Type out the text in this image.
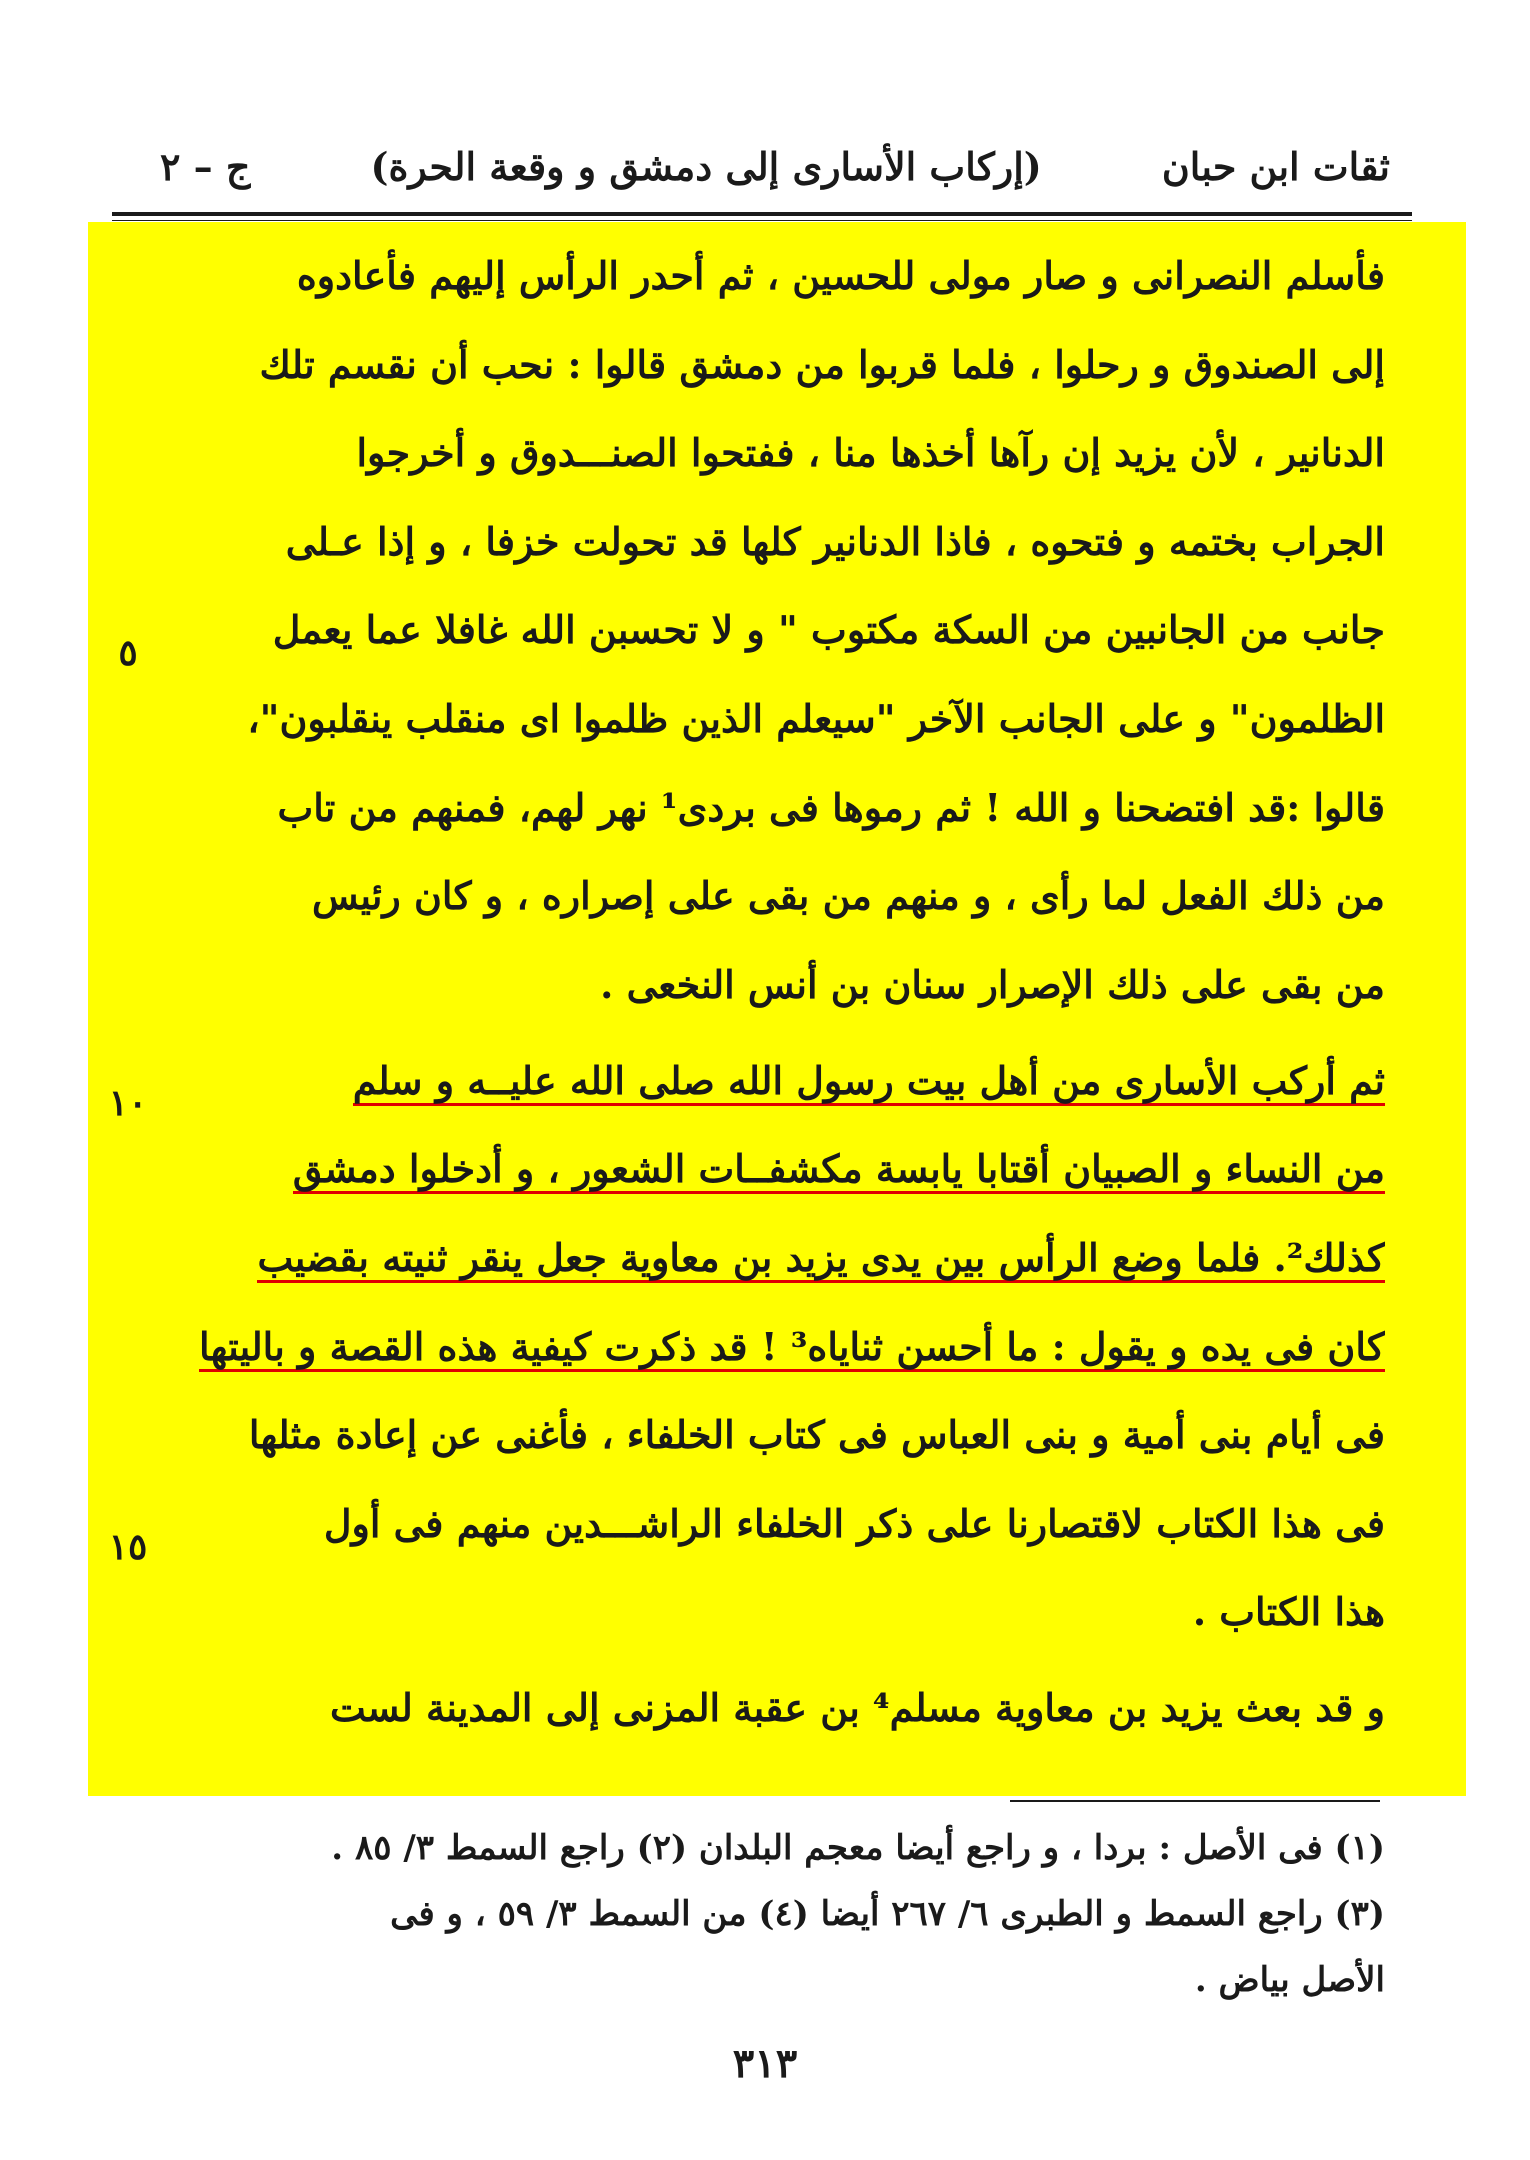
ثقات ابن حبان
(إركاب الأسارى إلى دمشق و وقعة الحرة)
ج – ٢
فأسلم النصرانى و صار مولى للحسين ، ثم أحدر الرأس إليهم فأعادوه
إلى الصندوق و رحلوا ، فلما قربوا من دمشق قالوا : نحب أن نقسم تلك
الدنانير ، لأن يزيد إن رآها أخذها منا ، ففتحوا الصنـــدوق و أخرجوا
الجراب بختمه و فتحوه ، فاذا الدنانير كلها قد تحولت خزفا ، و إذا عـلى
جانب من الجانبين من السكة مكتوب " و لا تحسبن الله غافلا عما يعمل
الظلمون" و على الجانب الآخر "سيعلم الذين ظلموا اى منقلب ينقلبون"،
قالوا :قد افتضحنا و الله ! ثم رموها فى بردى¹ نهر لهم، فمنهم من تاب
من ذلك الفعل لما رأى ، و منهم من بقى على إصراره ، و كان رئيس
من بقى على ذلك الإصرار سنان بن أنس النخعى .
ثم أركب الأسارى من أهل بيت رسول الله صلى الله عليــه و سلم
من النساء و الصبيان أقتابا يابسة مكشفــات الشعور ، و أدخلوا دمشق
كذلك². فلما وضع الرأس بين يدى يزيد بن معاوية جعل ينقر ثنيته بقضيب
كان فى يده و يقول : ما أحسن ثناياه³ ! قد ذكرت كيفية هذه القصة و باليتها
فى أيام بنى أمية و بنى العباس فى كتاب الخلفاء ، فأغنى عن إعادة مثلها
فى هذا الكتاب لاقتصارنا على ذكر الخلفاء الراشـــدين منهم فى أول
هذا الكتاب .
و قد بعث يزيد بن معاوية مسلم⁴ بن عقبة المزنى إلى المدينة لست
٥
١٠
١٥
(١) فى الأصل : بردا ، و راجع أيضا معجم البلدان (٢) راجع السمط ٣/ ٨٥ .
(٣) راجع السمط و الطبرى ٦/ ٢٦٧ أيضا (٤) من السمط ٣/ ٥٩ ، و فى
الأصل بياض .
٣١٣
